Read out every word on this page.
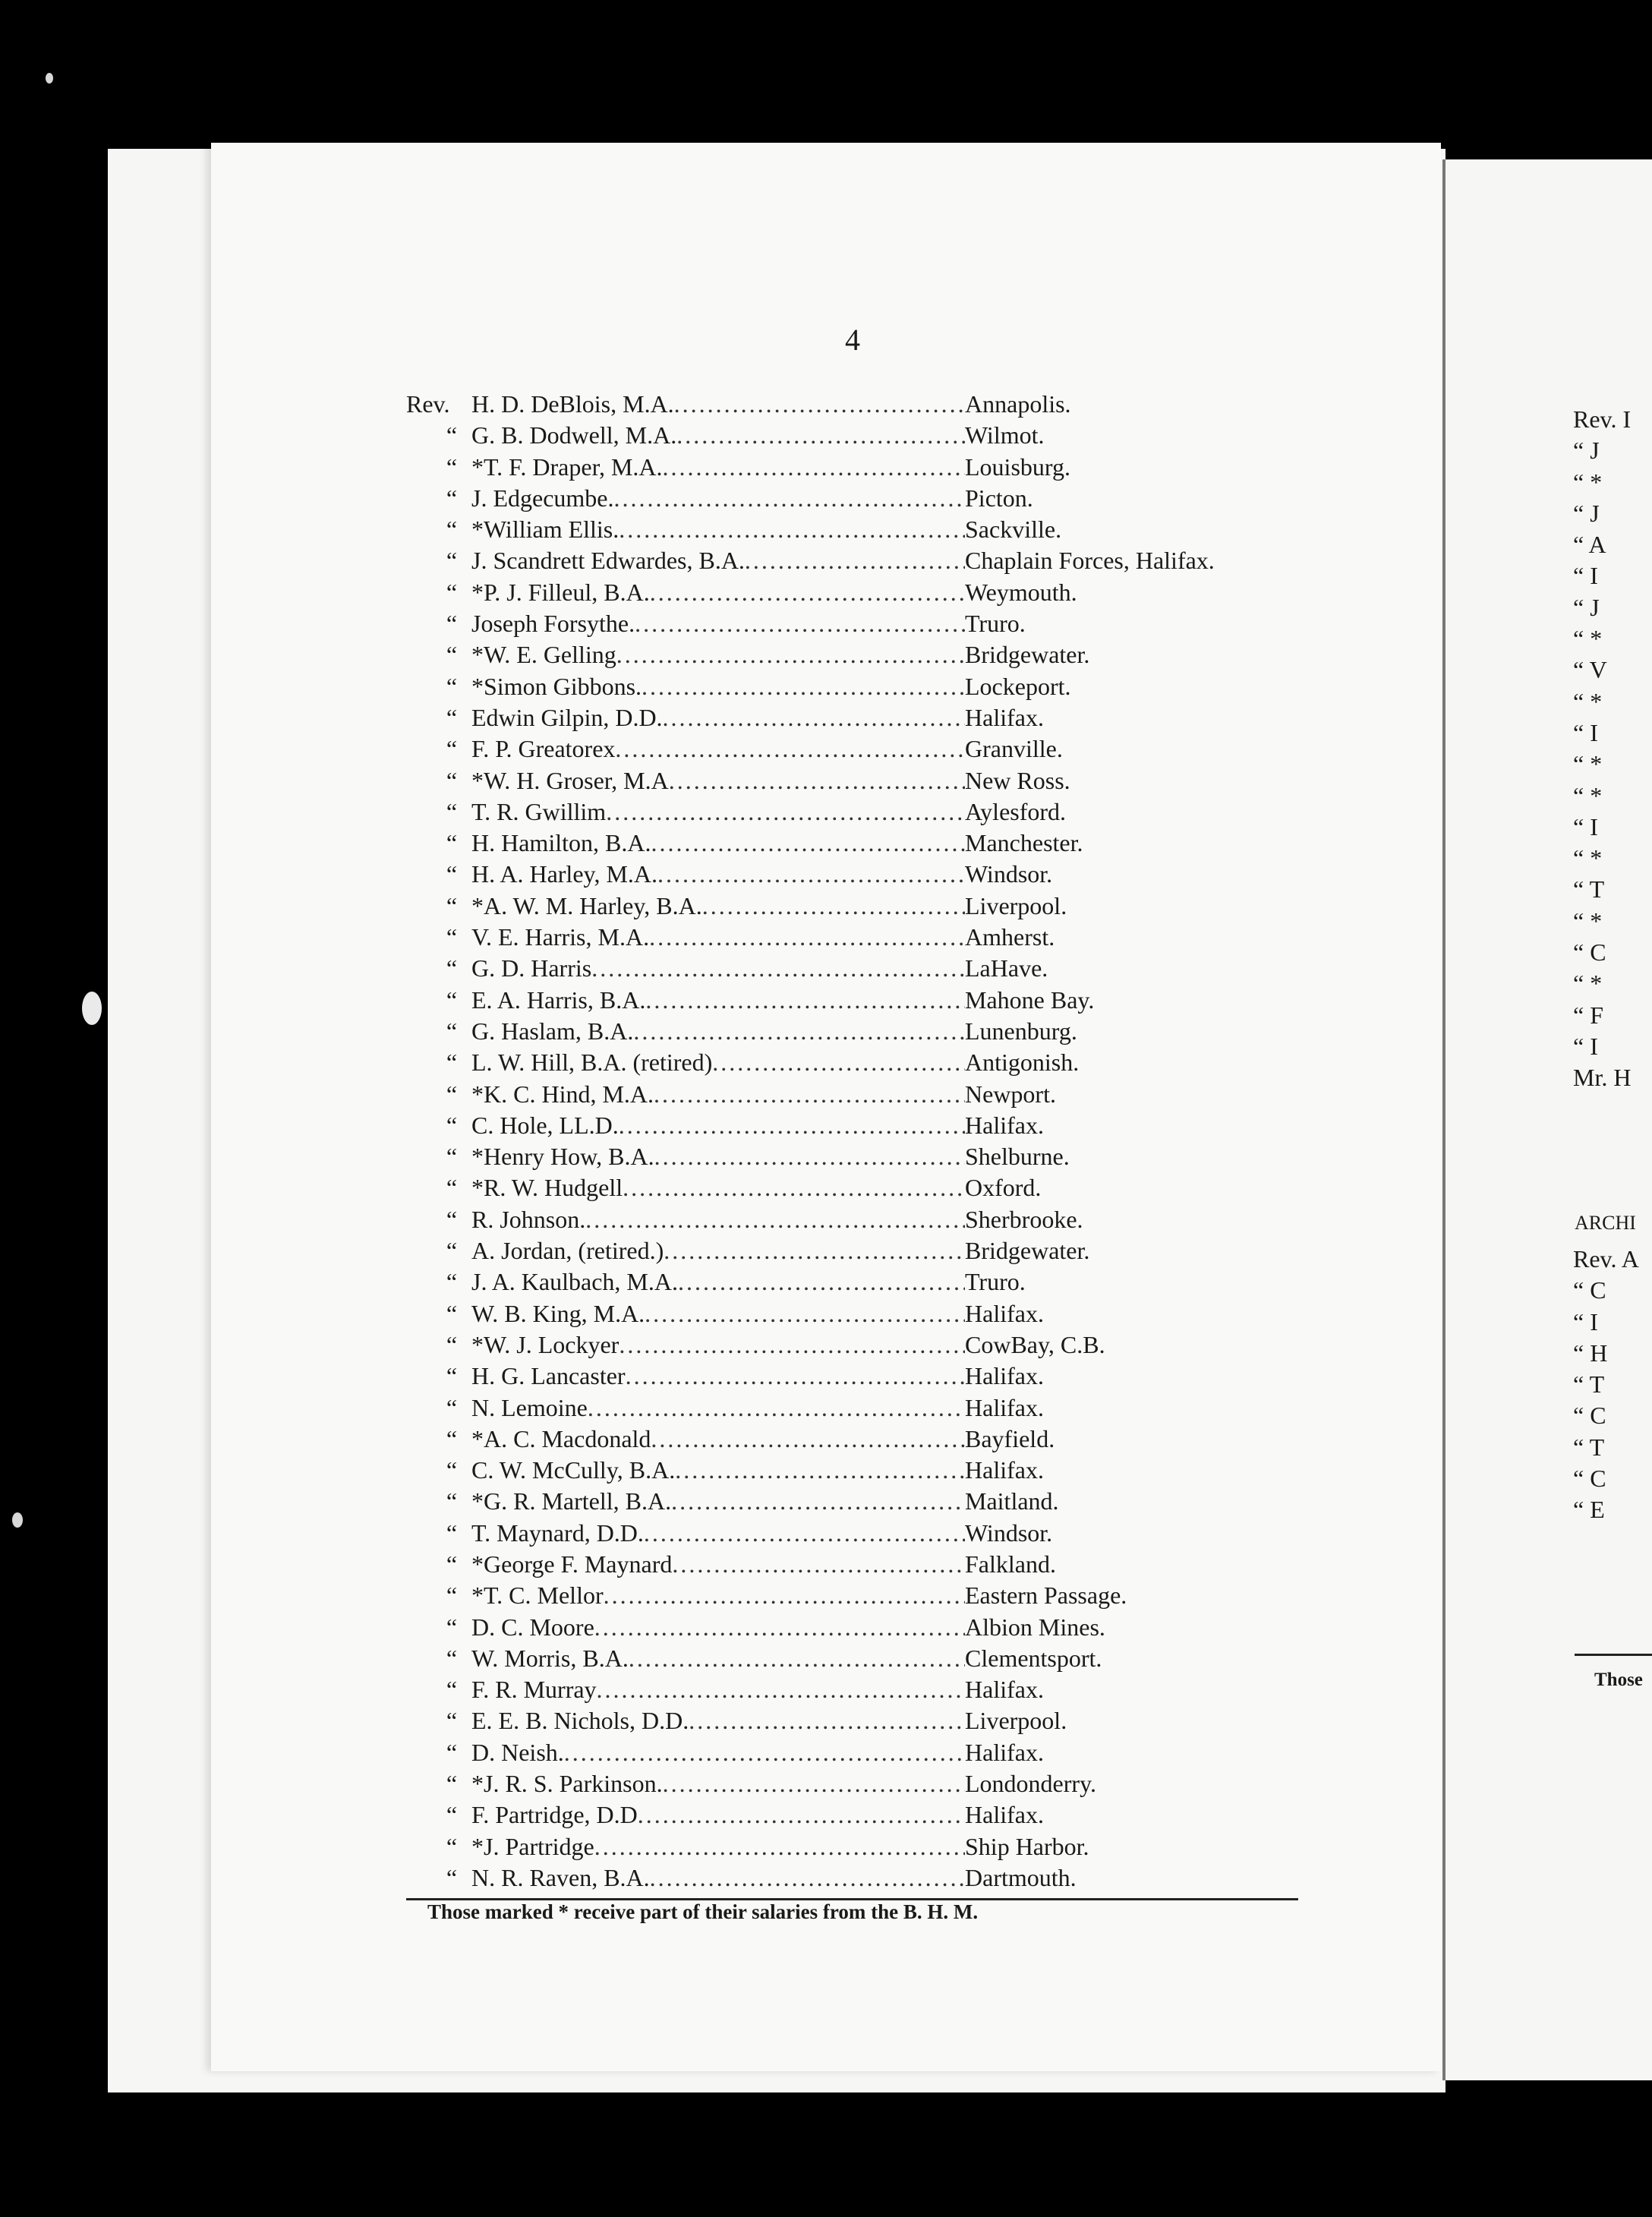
4
Rev. H. D. DeBlois, M.A. .....	Annapolis.
“ G. B. Dodwell, M.A. .....	Wilmot.
“ *T. F. Draper, M.A. .....	Louisburg.
“ J. Edgecumbe. .....	Picton.
“ *William Ellis. .....	Sackville.
“ J. Scandrett Edwardes, B.A. .....	Chaplain Forces, Halifax.
“ *P. J. Filleul, B.A. .....	Weymouth.
“ Joseph Forsythe. .....	Truro.
“ *W. E. Gelling .....	Bridgewater.
“ *Simon Gibbons. .....	Lockeport.
“ Edwin Gilpin, D.D. .....	Halifax.
“ F. P. Greatorex .....	Granville.
“ *W. H. Groser, M.A .....	New Ross.
“ T. R. Gwillim .....	Aylesford.
“ H. Hamilton, B.A. .....	Manchester.
“ H. A. Harley, M.A. .....	Windsor.
“ *A. W. M. Harley, B.A. .....	Liverpool.
“ V. E. Harris, M.A. .....	Amherst.
“ G. D. Harris .....	LaHave.
“ E. A. Harris, B.A. .....	Mahone Bay.
“ G. Haslam, B.A. .....	Lunenburg.
“ L. W. Hill, B.A. (retired) .....	Antigonish.
“ *K. C. Hind, M.A. .....	Newport.
“ C. Hole, LL.D. .....	Halifax.
“ *Henry How, B.A. .....	Shelburne.
“ *R. W. Hudgell .....	Oxford.
“ R. Johnson. .....	Sherbrooke.
“ A. Jordan, (retired.) .....	Bridgewater.
“ J. A. Kaulbach, M.A. .....	Truro.
“ W. B. King, M.A. .....	Halifax.
“ *W. J. Lockyer .....	CowBay, C.B.
“ H. G. Lancaster .....	Halifax.
“ N. Lemoine .....	Halifax.
“ *A. C. Macdonald .....	Bayfield.
“ C. W. McCully, B.A. .....	Halifax.
“ *G. R. Martell, B.A. .....	Maitland.
“ T. Maynard, D.D. .....	Windsor.
“ *George F. Maynard .....	Falkland.
“ *T. C. Mellor .....	Eastern Passage.
“ D. C. Moore .....	Albion Mines.
“ W. Morris, B.A. .....	Clementsport.
“ F. R. Murray .....	Halifax.
“ E. E. B. Nichols, D.D. .....	Liverpool.
“ D. Neish. .....	Halifax.
“ *J. R. S. Parkinson. .....	Londonderry.
“ F. Partridge, D.D .....	Halifax.
“ *J. Partridge .....	Ship Harbor.
“ N. R. Raven, B.A. .....	Dartmouth.
Those marked * receive part of their salaries from the B. H. M.
Rev. I
“ J
“ *
“ J
“ A
“ I
“ J
“ *
“ V
“ *
“ I
“ *
“ *
“ I
“ *
“ T
“ *
“ C
“ *
“ F
“ I
Mr. H
ARCHI
Rev. A
“ C
“ I
“ H
“ T
“ C
“ T
“ C
“ E
Those
